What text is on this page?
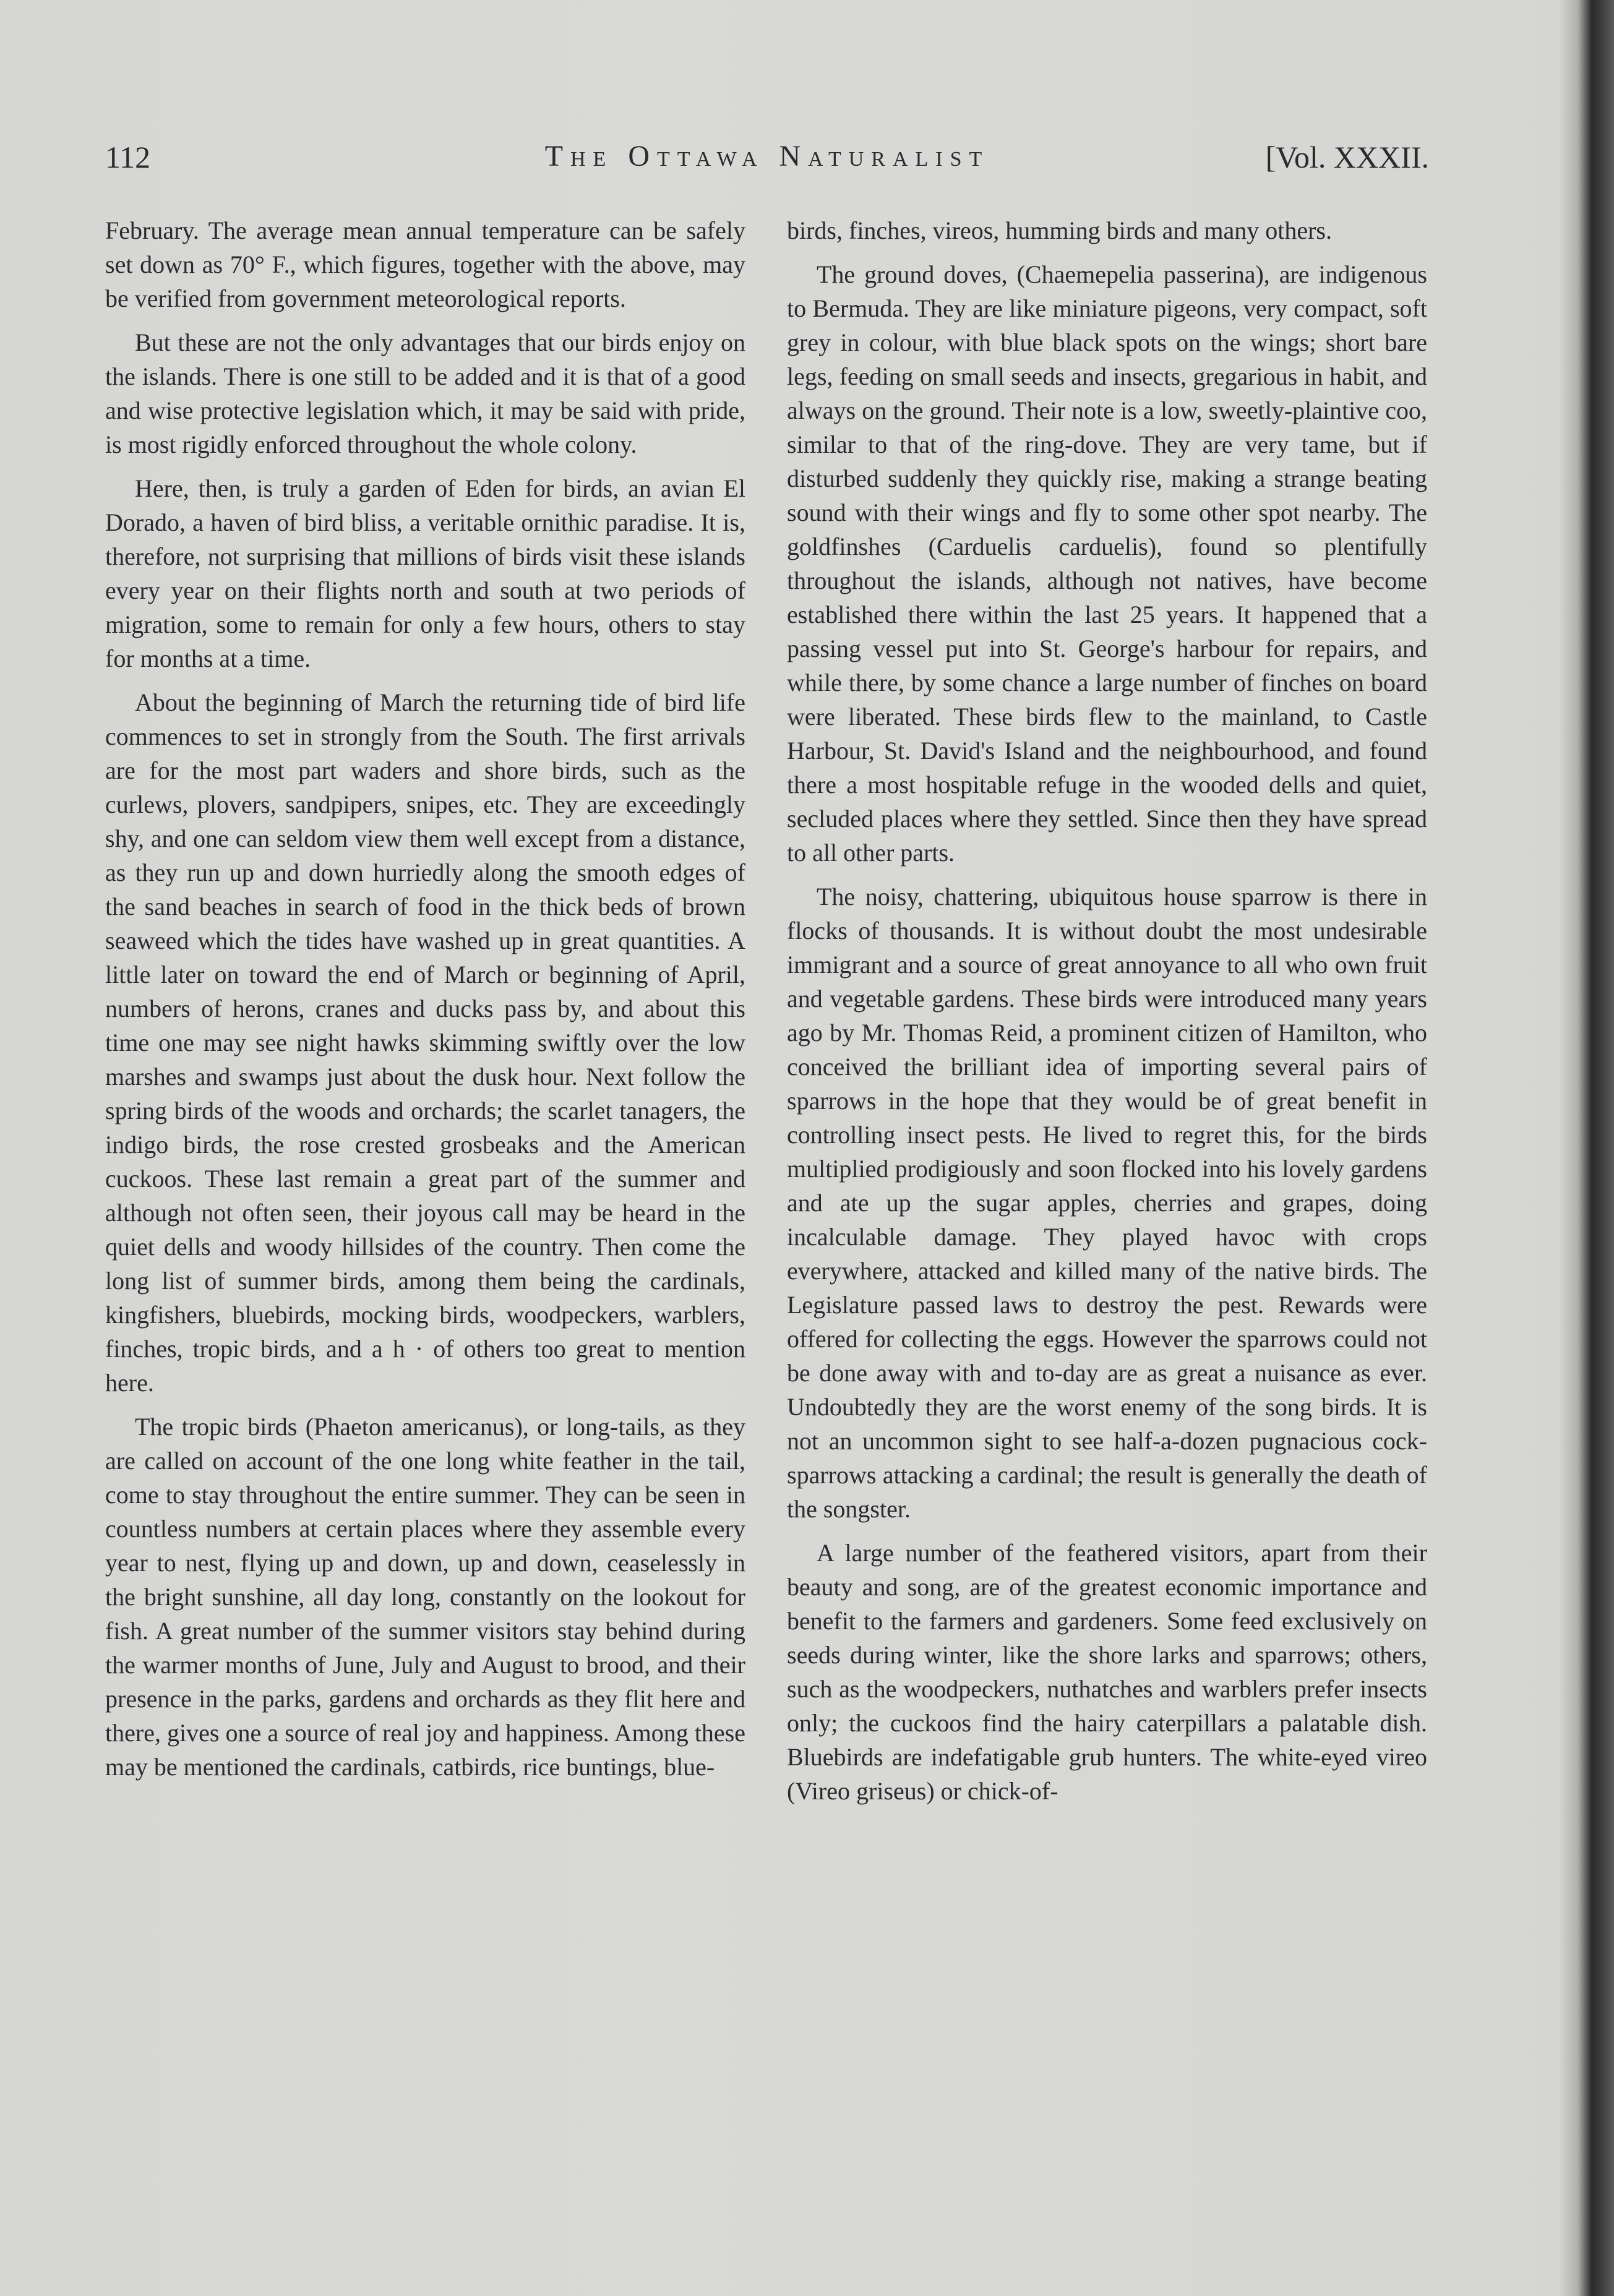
112	The Ottawa Naturalist	[Vol. XXXII.

February. The average mean annual temperature can be safely set down as 70° F., which figures, together with the above, may be verified from government meteorological reports.

But these are not the only advantages that our birds enjoy on the islands. There is one still to be added and it is that of a good and wise protective legislation which, it may be said with pride, is most rigidly enforced throughout the whole colony.

Here, then, is truly a garden of Eden for birds, an avian El Dorado, a haven of bird bliss, a veritable ornithic paradise. It is, therefore, not surprising that millions of birds visit these islands every year on their flights north and south at two periods of migration, some to remain for only a few hours, others to stay for months at a time.

About the beginning of March the returning tide of bird life commences to set in strongly from the South. The first arrivals are for the most part waders and shore birds, such as the curlews, plovers, sandpipers, snipes, etc. They are exceedingly shy, and one can seldom view them well except from a distance, as they run up and down hurriedly along the smooth edges of the sand beaches in search of food in the thick beds of brown seaweed which the tides have washed up in great quantities. A little later on toward the end of March or beginning of April, numbers of herons, cranes and ducks pass by, and about this time one may see night hawks skimming swiftly over the low marshes and swamps just about the dusk hour. Next follow the spring birds of the woods and orchards; the scarlet tanagers, the indigo birds, the rose crested grosbeaks and the American cuckoos. These last remain a great part of the summer and although not often seen, their joyous call may be heard in the quiet dells and woody hillsides of the country. Then come the long list of summer birds, among them being the cardinals, kingfishers, bluebirds, mocking birds, woodpeckers, warblers, finches, tropic birds, and a h · of others too great to mention here.

The tropic birds (Phaeton americanus), or long-tails, as they are called on account of the one long white feather in the tail, come to stay throughout the entire summer. They can be seen in countless numbers at certain places where they assemble every year to nest, flying up and down, up and down, ceaselessly in the bright sunshine, all day long, constantly on the lookout for fish. A great number of the summer visitors stay behind during the warmer months of June, July and August to brood, and their presence in the parks, gardens and orchards as they flit here and there, gives one a source of real joy and happiness. Among these may be mentioned the cardinals, catbirds, rice buntings, blue-

birds, finches, vireos, humming birds and many others.

The ground doves, (Chaemepelia passerina), are indigenous to Bermuda. They are like miniature pigeons, very compact, soft grey in colour, with blue black spots on the wings; short bare legs, feeding on small seeds and insects, gregarious in habit, and always on the ground. Their note is a low, sweetly-plaintive coo, similar to that of the ring-dove. They are very tame, but if disturbed suddenly they quickly rise, making a strange beating sound with their wings and fly to some other spot nearby. The goldfinshes (Carduelis carduelis), found so plentifully throughout the islands, although not natives, have become established there within the last 25 years. It happened that a passing vessel put into St. George's harbour for repairs, and while there, by some chance a large number of finches on board were liberated. These birds flew to the mainland, to Castle Harbour, St. David's Island and the neighbourhood, and found there a most hospitable refuge in the wooded dells and quiet, secluded places where they settled. Since then they have spread to all other parts.

The noisy, chattering, ubiquitous house sparrow is there in flocks of thousands. It is without doubt the most undesirable immigrant and a source of great annoyance to all who own fruit and vegetable gardens. These birds were introduced many years ago by Mr. Thomas Reid, a prominent citizen of Hamilton, who conceived the brilliant idea of importing several pairs of sparrows in the hope that they would be of great benefit in controlling insect pests. He lived to regret this, for the birds multiplied prodigiously and soon flocked into his lovely gardens and ate up the sugar apples, cherries and grapes, doing incalculable damage. They played havoc with crops everywhere, attacked and killed many of the native birds. The Legislature passed laws to destroy the pest. Rewards were offered for collecting the eggs. However the sparrows could not be done away with and to-day are as great a nuisance as ever. Undoubtedly they are the worst enemy of the song birds. It is not an uncommon sight to see half-a-dozen pugnacious cock-sparrows attacking a cardinal; the result is generally the death of the songster.

A large number of the feathered visitors, apart from their beauty and song, are of the greatest economic importance and benefit to the farmers and gardeners. Some feed exclusively on seeds during winter, like the shore larks and sparrows; others, such as the woodpeckers, nuthatches and warblers prefer insects only; the cuckoos find the hairy caterpillars a palatable dish. Bluebirds are indefatigable grub hunters. The white-eyed vireo (Vireo griseus) or chick-of-
